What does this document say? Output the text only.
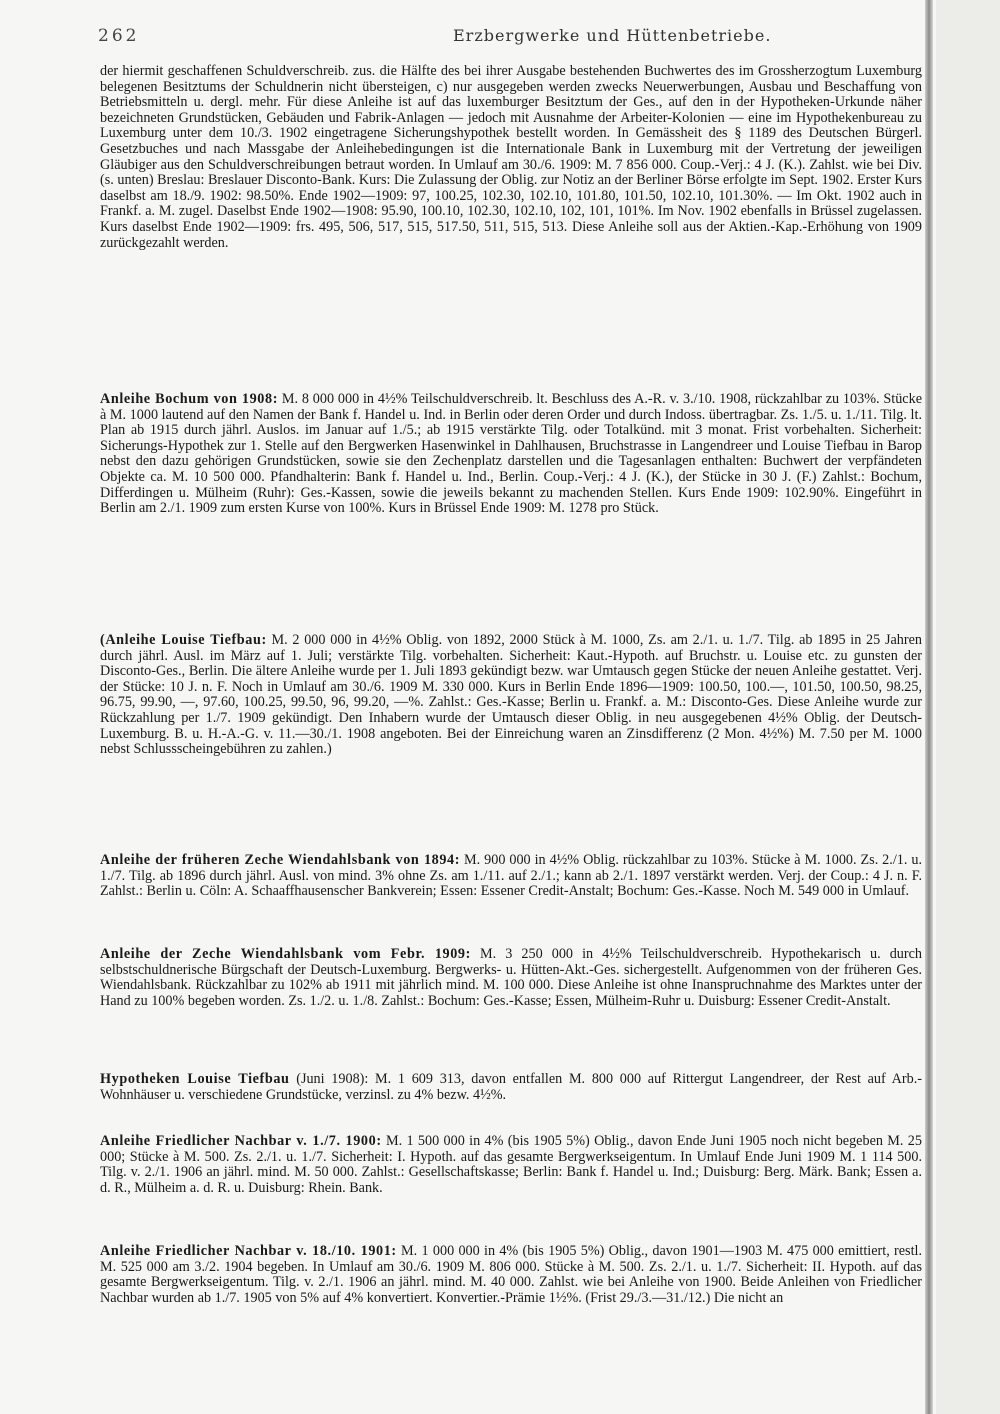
262	Erzbergwerke und Hüttenbetriebe.

der hiermit geschaffenen Schuldverschreib. zus. die Hälfte des bei ihrer Ausgabe bestehenden Buchwertes des im Grossherzogtum Luxemburg belegenen Besitztums der Schuldnerin nicht übersteigen, c) nur ausgegeben werden zwecks Neuerwerbungen, Ausbau und Beschaffung von Betriebsmitteln u. dergl. mehr. Für diese Anleihe ist auf das luxemburger Besitztum der Ges., auf den in der Hypotheken-Urkunde näher bezeichneten Grundstücken, Gebäuden und Fabrik-Anlagen — jedoch mit Ausnahme der Arbeiter-Kolonien — eine im Hypothekenbureau zu Luxemburg unter dem 10./3. 1902 eingetragene Sicherungshypothek bestellt worden. In Gemässheit des § 1189 des Deutschen Bürgerl. Gesetzbuches und nach Massgabe der Anleihebedingungen ist die Internationale Bank in Luxemburg mit der Vertretung der jeweiligen Gläubiger aus den Schuldverschreibungen betraut worden. In Umlauf am 30./6. 1909: M. 7 856 000. Coup.-Verj.: 4 J. (K.). Zahlst. wie bei Div. (s. unten) Breslau: Breslauer Disconto-Bank. Kurs: Die Zulassung der Oblig. zur Notiz an der Berliner Börse erfolgte im Sept. 1902. Erster Kurs daselbst am 18./9. 1902: 98.50%. Ende 1902—1909: 97, 100.25, 102.30, 102.10, 101.80, 101.50, 102.10, 101.30%. — Im Okt. 1902 auch in Frankf. a. M. zugel. Daselbst Ende 1902—1908: 95.90, 100.10, 102.30, 102.10, 102, 101, 101%. Im Nov. 1902 ebenfalls in Brüssel zugelassen. Kurs daselbst Ende 1902—1909: frs. 495, 506, 517, 515, 517.50, 511, 515, 513. Diese Anleihe soll aus der Aktien.-Kap.-Erhöhung von 1909 zurückgezahlt werden.

Anleihe Bochum von 1908: M. 8 000 000 in 4½% Teilschuldverschreib. lt. Beschluss des A.-R. v. 3./10. 1908, rückzahlbar zu 103%. Stücke à M. 1000 lautend auf den Namen der Bank f. Handel u. Ind. in Berlin oder deren Order und durch Indoss. übertragbar. Zs. 1./5. u. 1./11. Tilg. lt. Plan ab 1915 durch jährl. Auslos. im Januar auf 1./5.; ab 1915 verstärkte Tilg. oder Totalkünd. mit 3 monat. Frist vorbehalten. Sicherheit: Sicherungs-Hypothek zur 1. Stelle auf den Bergwerken Hasenwinkel in Dahlhausen, Bruchstrasse in Langendreer und Louise Tiefbau in Barop nebst den dazu gehörigen Grundstücken, sowie sie den Zechenplatz darstellen und die Tagesanlagen enthalten: Buchwert der verpfändeten Objekte ca. M. 10 500 000. Pfandhalterin: Bank f. Handel u. Ind., Berlin. Coup.-Verj.: 4 J. (K.), der Stücke in 30 J. (F.) Zahlst.: Bochum, Differdingen u. Mülheim (Ruhr): Ges.-Kassen, sowie die jeweils bekannt zu machenden Stellen. Kurs Ende 1909: 102.90%. Eingeführt in Berlin am 2./1. 1909 zum ersten Kurse von 100%. Kurs in Brüssel Ende 1909: M. 1278 pro Stück.

(Anleihe Louise Tiefbau: M. 2 000 000 in 4½% Oblig. von 1892, 2000 Stück à M. 1000, Zs. am 2./1. u. 1./7. Tilg. ab 1895 in 25 Jahren durch jährl. Ausl. im März auf 1. Juli; verstärkte Tilg. vorbehalten. Sicherheit: Kaut.-Hypoth. auf Bruchstr. u. Louise etc. zu gunsten der Disconto-Ges., Berlin. Die ältere Anleihe wurde per 1. Juli 1893 gekündigt bezw. war Umtausch gegen Stücke der neuen Anleihe gestattet. Verj. der Stücke: 10 J. n. F. Noch in Umlauf am 30./6. 1909 M. 330 000. Kurs in Berlin Ende 1896—1909: 100.50, 100.—, 101.50, 100.50, 98.25, 96.75, 99.90, —, 97.60, 100.25, 99.50, 96, 99.20, —%. Zahlst.: Ges.-Kasse; Berlin u. Frankf. a. M.: Disconto-Ges. Diese Anleihe wurde zur Rückzahlung per 1./7. 1909 gekündigt. Den Inhabern wurde der Umtausch dieser Oblig. in neu ausgegebenen 4½% Oblig. der Deutsch-Luxemburg. B. u. H.-A.-G. v. 11.—30./1. 1908 angeboten. Bei der Einreichung waren an Zinsdifferenz (2 Mon. 4½%) M. 7.50 per M. 1000 nebst Schlussscheingebühren zu zahlen.)

Anleihe der früheren Zeche Wiendahlsbank von 1894: M. 900 000 in 4½% Oblig. rückzahlbar zu 103%. Stücke à M. 1000. Zs. 2./1. u. 1./7. Tilg. ab 1896 durch jährl. Ausl. von mind. 3% ohne Zs. am 1./11. auf 2./1.; kann ab 2./1. 1897 verstärkt werden. Verj. der Coup.: 4 J. n. F. Zahlst.: Berlin u. Cöln: A. Schaaffhausenscher Bankverein; Essen: Essener Credit-Anstalt; Bochum: Ges.-Kasse. Noch M. 549 000 in Umlauf.

Anleihe der Zeche Wiendahlsbank vom Febr. 1909: M. 3 250 000 in 4½% Teilschuldverschreib. Hypothekarisch u. durch selbstschuldnerische Bürgschaft der Deutsch-Luxemburg. Bergwerks- u. Hütten-Akt.-Ges. sichergestellt. Aufgenommen von der früheren Ges. Wiendahlsbank. Rückzahlbar zu 102% ab 1911 mit jährlich mind. M. 100 000. Diese Anleihe ist ohne Inanspruchnahme des Marktes unter der Hand zu 100% begeben worden. Zs. 1./2. u. 1./8. Zahlst.: Bochum: Ges.-Kasse; Essen, Mülheim-Ruhr u. Duisburg: Essener Credit-Anstalt.

Hypotheken Louise Tiefbau (Juni 1908): M. 1 609 313, davon entfallen M. 800 000 auf Rittergut Langendreer, der Rest auf Arb.-Wohnhäuser u. verschiedene Grundstücke, verzinsl. zu 4% bezw. 4½%.

Anleihe Friedlicher Nachbar v. 1./7. 1900: M. 1 500 000 in 4% (bis 1905 5%) Oblig., davon Ende Juni 1905 noch nicht begeben M. 25 000; Stücke à M. 500. Zs. 2./1. u. 1./7. Sicherheit: I. Hypoth. auf das gesamte Bergwerkseigentum. In Umlauf Ende Juni 1909 M. 1 114 500. Tilg. v. 2./1. 1906 an jährl. mind. M. 50 000. Zahlst.: Gesellschaftskasse; Berlin: Bank f. Handel u. Ind.; Duisburg: Berg. Märk. Bank; Essen a. d. R., Mülheim a. d. R. u. Duisburg: Rhein. Bank.

Anleihe Friedlicher Nachbar v. 18./10. 1901: M. 1 000 000 in 4% (bis 1905 5%) Oblig., davon 1901—1903 M. 475 000 emittiert, restl. M. 525 000 am 3./2. 1904 begeben. In Umlauf am 30./6. 1909 M. 806 000. Stücke à M. 500. Zs. 2./1. u. 1./7. Sicherheit: II. Hypoth. auf das gesamte Bergwerkseigentum. Tilg. v. 2./1. 1906 an jährl. mind. M. 40 000. Zahlst. wie bei Anleihe von 1900. Beide Anleihen von Friedlicher Nachbar wurden ab 1./7. 1905 von 5% auf 4% konvertiert. Konvertier.-Prämie 1½%. (Frist 29./3.—31./12.) Die nicht an
